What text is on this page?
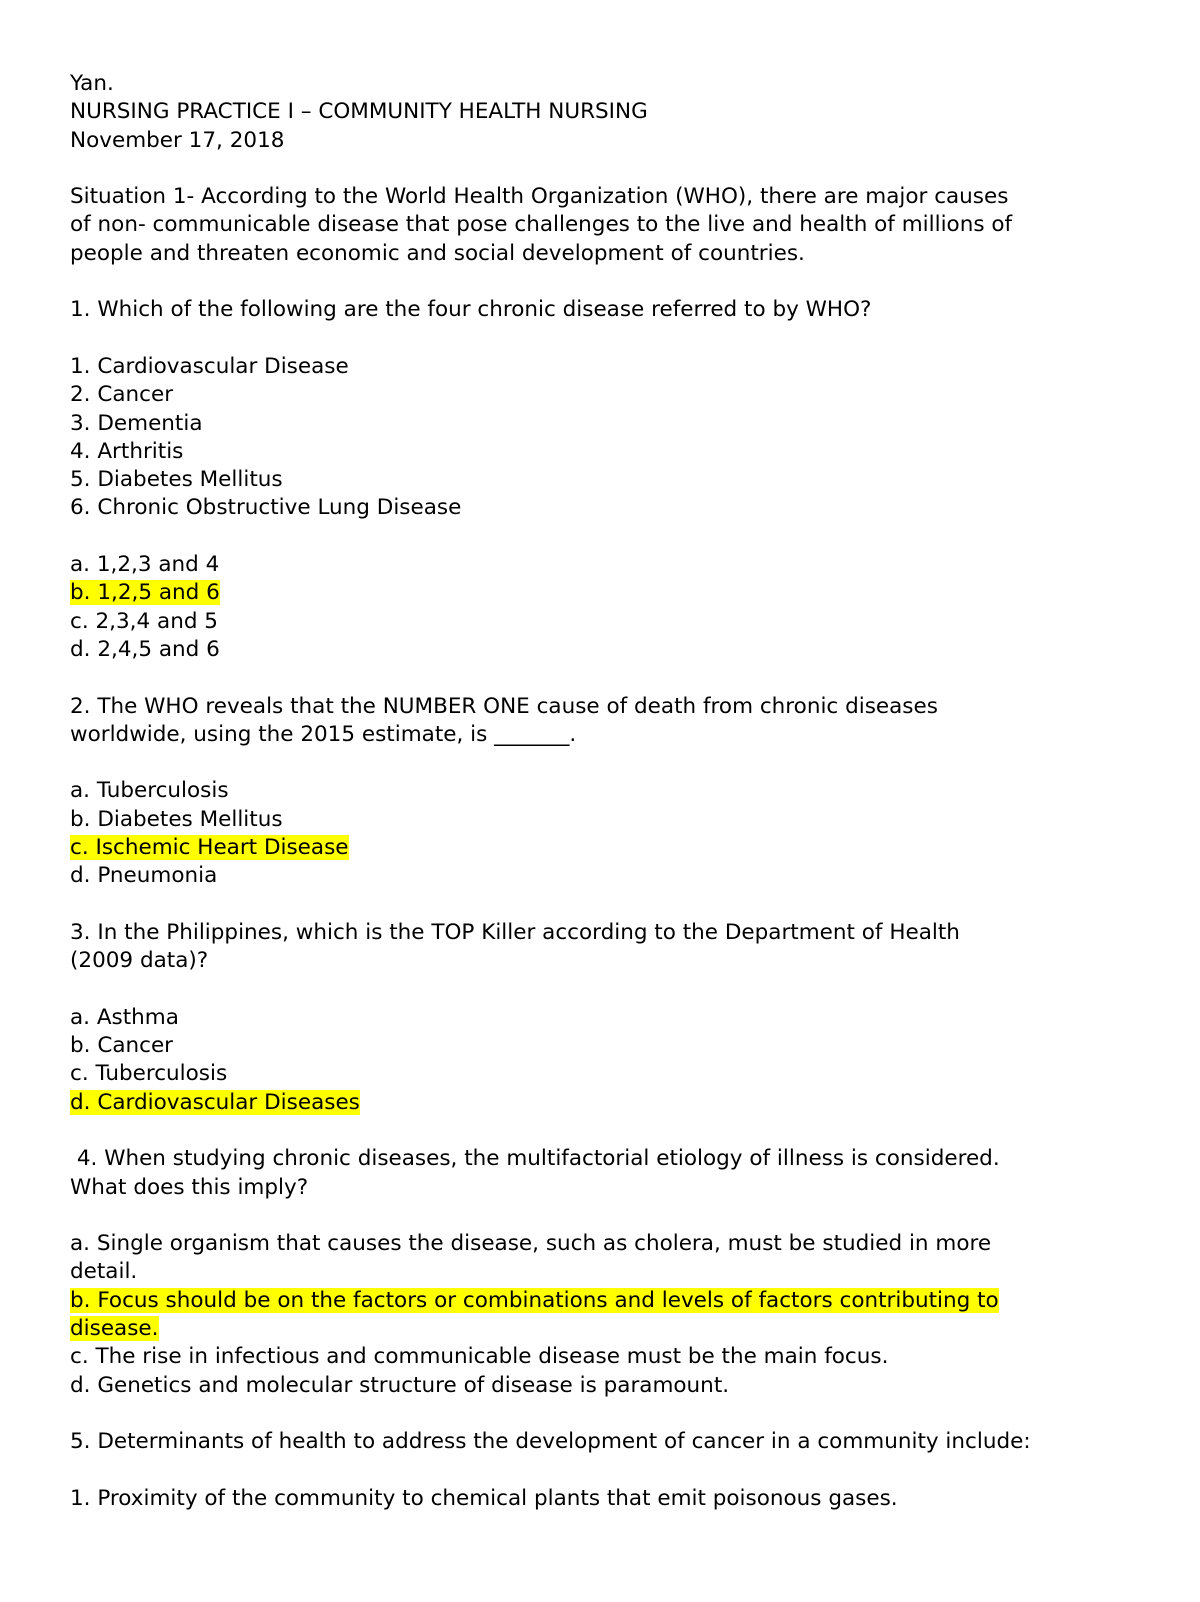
Yan.

NURSING PRACTICE I – COMMUNITY HEALTH NURSING

November 17, 2018

Situation 1- According to the World Health Organization (WHO), there are major causes

of non- communicable disease that pose challenges to the live and health of millions of

people and threaten economic and social development of countries.

1. Which of the following are the four chronic disease referred to by WHO?

1. Cardiovascular Disease

2. Cancer

3. Dementia

4. Arthritis

5. Diabetes Mellitus

6. Chronic Obstructive Lung Disease

a. 1,2,3 and 4

b. 1,2,5 and 6

c. 2,3,4 and 5

d. 2,4,5 and 6

2. The WHO reveals that the NUMBER ONE cause of death from chronic diseases

worldwide, using the 2015 estimate, is _______.

a. Tuberculosis

b. Diabetes Mellitus

c. Ischemic Heart Disease

d. Pneumonia

3. In the Philippines, which is the TOP Killer according to the Department of Health

(2009 data)?

a. Asthma

b. Cancer

c. Tuberculosis

d. Cardiovascular Diseases

4. When studying chronic diseases, the multifactorial etiology of illness is considered.

What does this imply?

a. Single organism that causes the disease, such as cholera, must be studied in more

detail.

b. Focus should be on the factors or combinations and levels of factors contributing to

disease.

c. The rise in infectious and communicable disease must be the main focus.

d. Genetics and molecular structure of disease is paramount.

5. Determinants of health to address the development of cancer in a community include:

1. Proximity of the community to chemical plants that emit poisonous gases.
